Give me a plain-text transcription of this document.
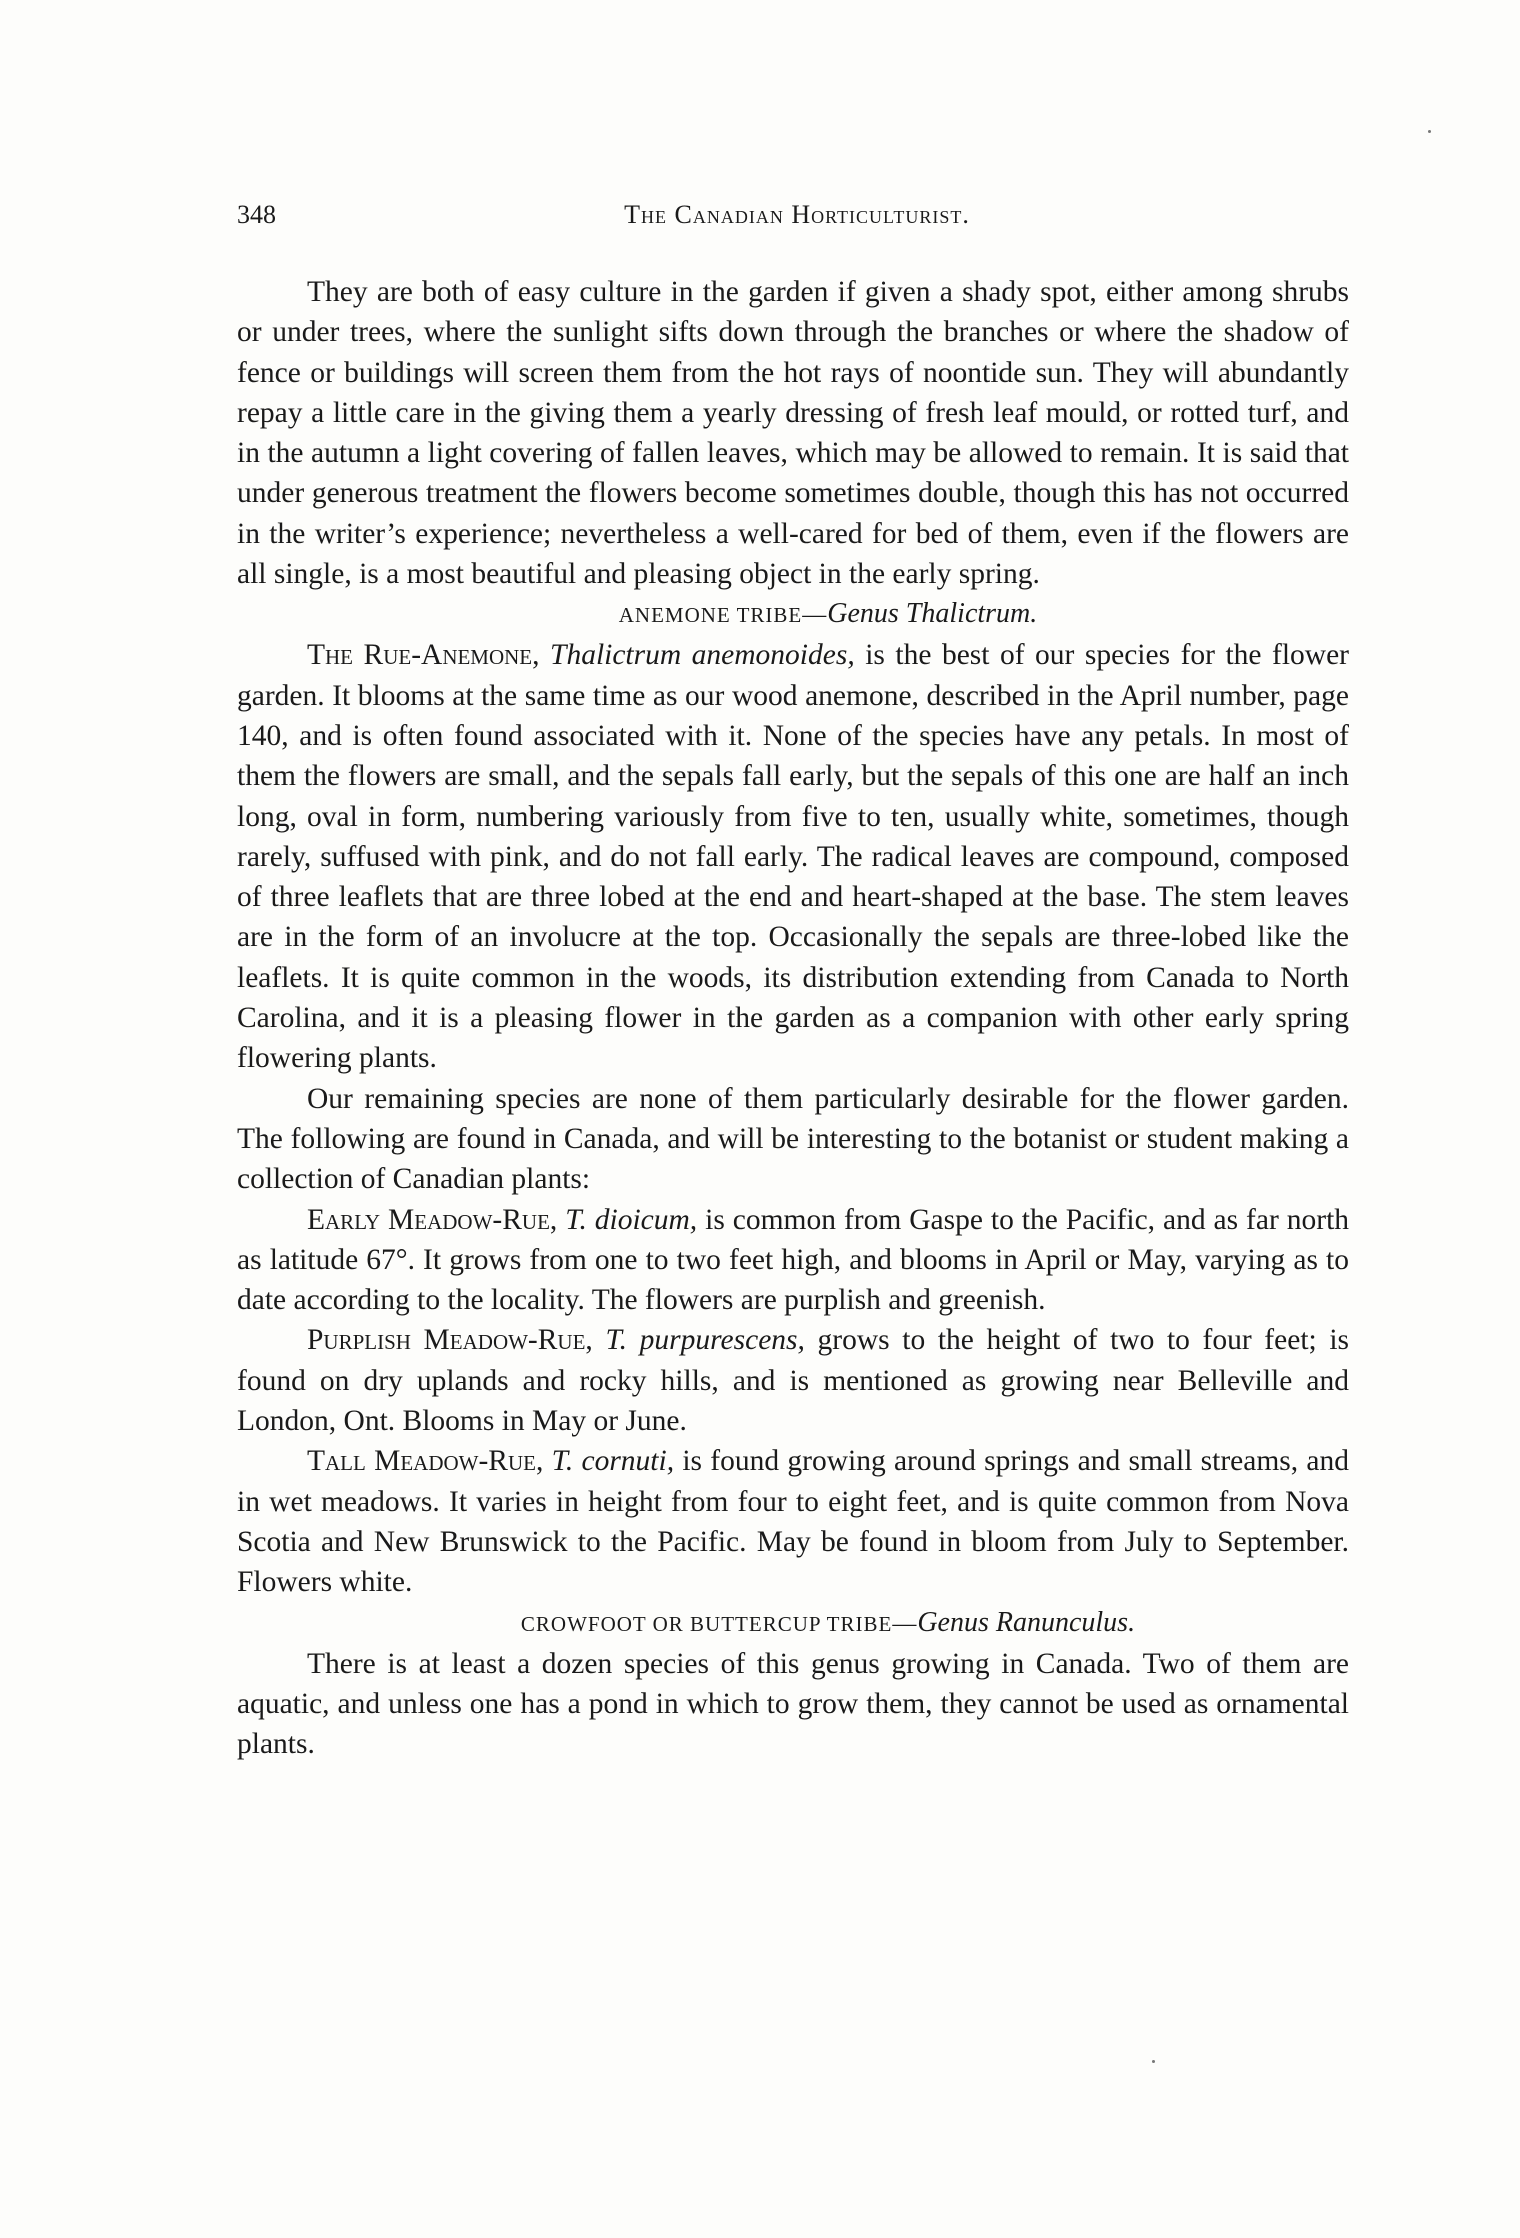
348	The Canadian Horticulturist.

They are both of easy culture in the garden if given a shady spot, either among shrubs or under trees, where the sunlight sifts down through the branches or where the shadow of fence or buildings will screen them from the hot rays of noontide sun. They will abundantly repay a little care in the giving them a yearly dressing of fresh leaf mould, or rotted turf, and in the autumn a light covering of fallen leaves, which may be allowed to remain. It is said that under generous treatment the flowers become sometimes double, though this has not occurred in the writer’s experience; nevertheless a well-cared for bed of them, even if the flowers are all single, is a most beautiful and pleasing object in the early spring.

ANEMONE TRIBE—Genus Thalictrum.

The Rue-Anemone, Thalictrum anemonoides, is the best of our species for the flower garden. It blooms at the same time as our wood anemone, described in the April number, page 140, and is often found associated with it. None of the species have any petals. In most of them the flowers are small, and the sepals fall early, but the sepals of this one are half an inch long, oval in form, numbering variously from five to ten, usually white, sometimes, though rarely, suffused with pink, and do not fall early. The radical leaves are compound, composed of three leaflets that are three lobed at the end and heart-shaped at the base. The stem leaves are in the form of an involucre at the top. Occasionally the sepals are three-lobed like the leaflets. It is quite common in the woods, its distribution extending from Canada to North Carolina, and it is a pleasing flower in the garden as a companion with other early spring flowering plants.

Our remaining species are none of them particularly desirable for the flower garden. The following are found in Canada, and will be interesting to the botanist or student making a collection of Canadian plants:

Early Meadow-Rue, T. dioicum, is common from Gaspe to the Pacific, and as far north as latitude 67°. It grows from one to two feet high, and blooms in April or May, varying as to date according to the locality. The flowers are purplish and greenish.

Purplish Meadow-Rue, T. purpurescens, grows to the height of two to four feet; is found on dry uplands and rocky hills, and is mentioned as growing near Belleville and London, Ont. Blooms in May or June.

Tall Meadow-Rue, T. cornuti, is found growing around springs and small streams, and in wet meadows. It varies in height from four to eight feet, and is quite common from Nova Scotia and New Brunswick to the Pacific. May be found in bloom from July to September. Flowers white.

CROWFOOT OR BUTTERCUP TRIBE—Genus Ranunculus.

There is at least a dozen species of this genus growing in Canada. Two of them are aquatic, and unless one has a pond in which to grow them, they cannot be used as ornamental plants.
